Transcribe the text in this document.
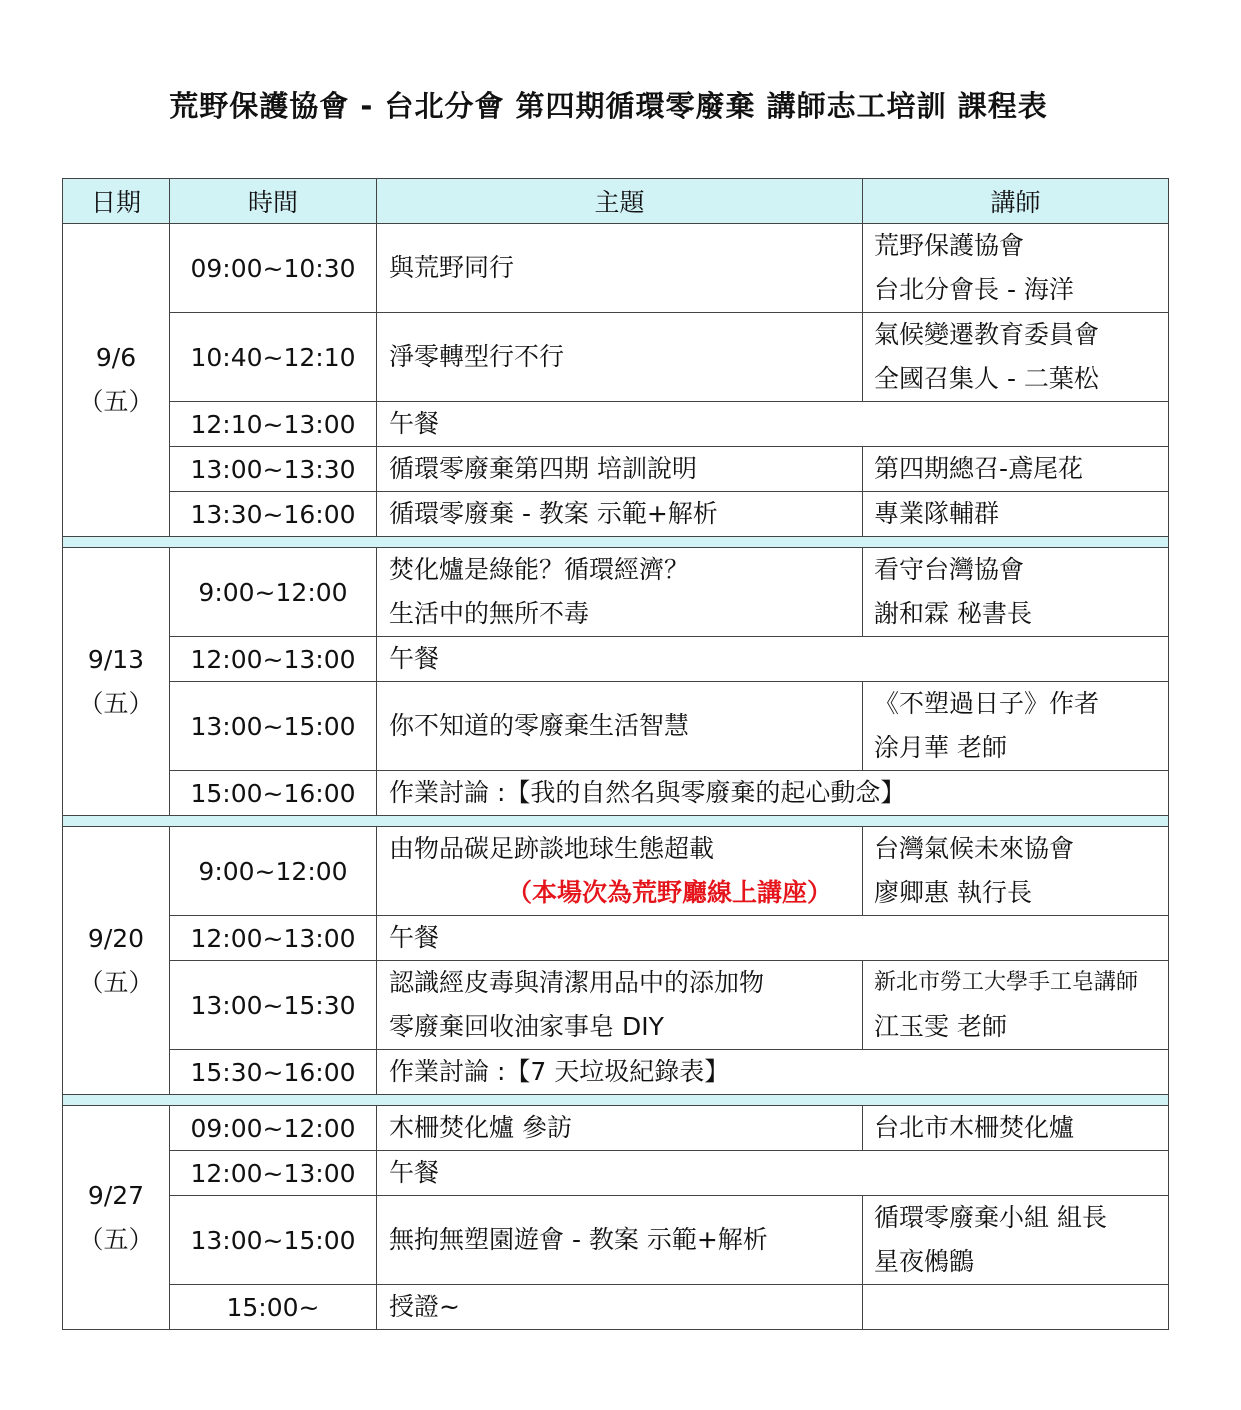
荒野保護協會 - 台北分會 第四期循環零廢棄 講師志工培訓 課程表
日期	時間	主題	講師

9/6
（五）	09:00~10:30	與荒野同行	荒野保護協會
台北分會長 - 海洋

	10:40~12:10	淨零轉型行不行	氣候變遷教育委員會
全國召集人 - 二葉松

	12:10~13:00	午餐	

	13:00~13:30	循環零廢棄第四期 培訓說明	第四期總召-鳶尾花

	13:30~16:00	循環零廢棄 - 教案 示範+解析	專業隊輔群

9/13
（五）	9:00~12:00	焚化爐是綠能？循環經濟？
生活中的無所不毒	看守台灣協會
謝和霖 秘書長

	12:00~13:00	午餐	

	13:00~15:00	你不知道的零廢棄生活智慧	《不塑過日子》作者
涂月華 老師

	15:00~16:00	作業討論 :【我的自然名與零廢棄的起心動念】	

9/20
（五）	9:00~12:00	由物品碳足跡談地球生態超載
（本場次為荒野廳線上講座）	台灣氣候未來協會
廖卿惠 執行長

	12:00~13:00	午餐	

	13:00~15:30	認識經皮毒與清潔用品中的添加物
零廢棄回收油家事皂 DIY	新北市勞工大學手工皂講師
江玉雯 老師

	15:30~16:00	作業討論 :【7 天垃圾紀錄表】	

9/27
（五）	09:00~12:00	木柵焚化爐 參訪	台北市木柵焚化爐

	12:00~13:00	午餐	

	13:00~15:00	無拘無塑園遊會 - 教案 示範+解析	循環零廢棄小組 組長
星夜鵂鶹

	15:00~	授證~	
